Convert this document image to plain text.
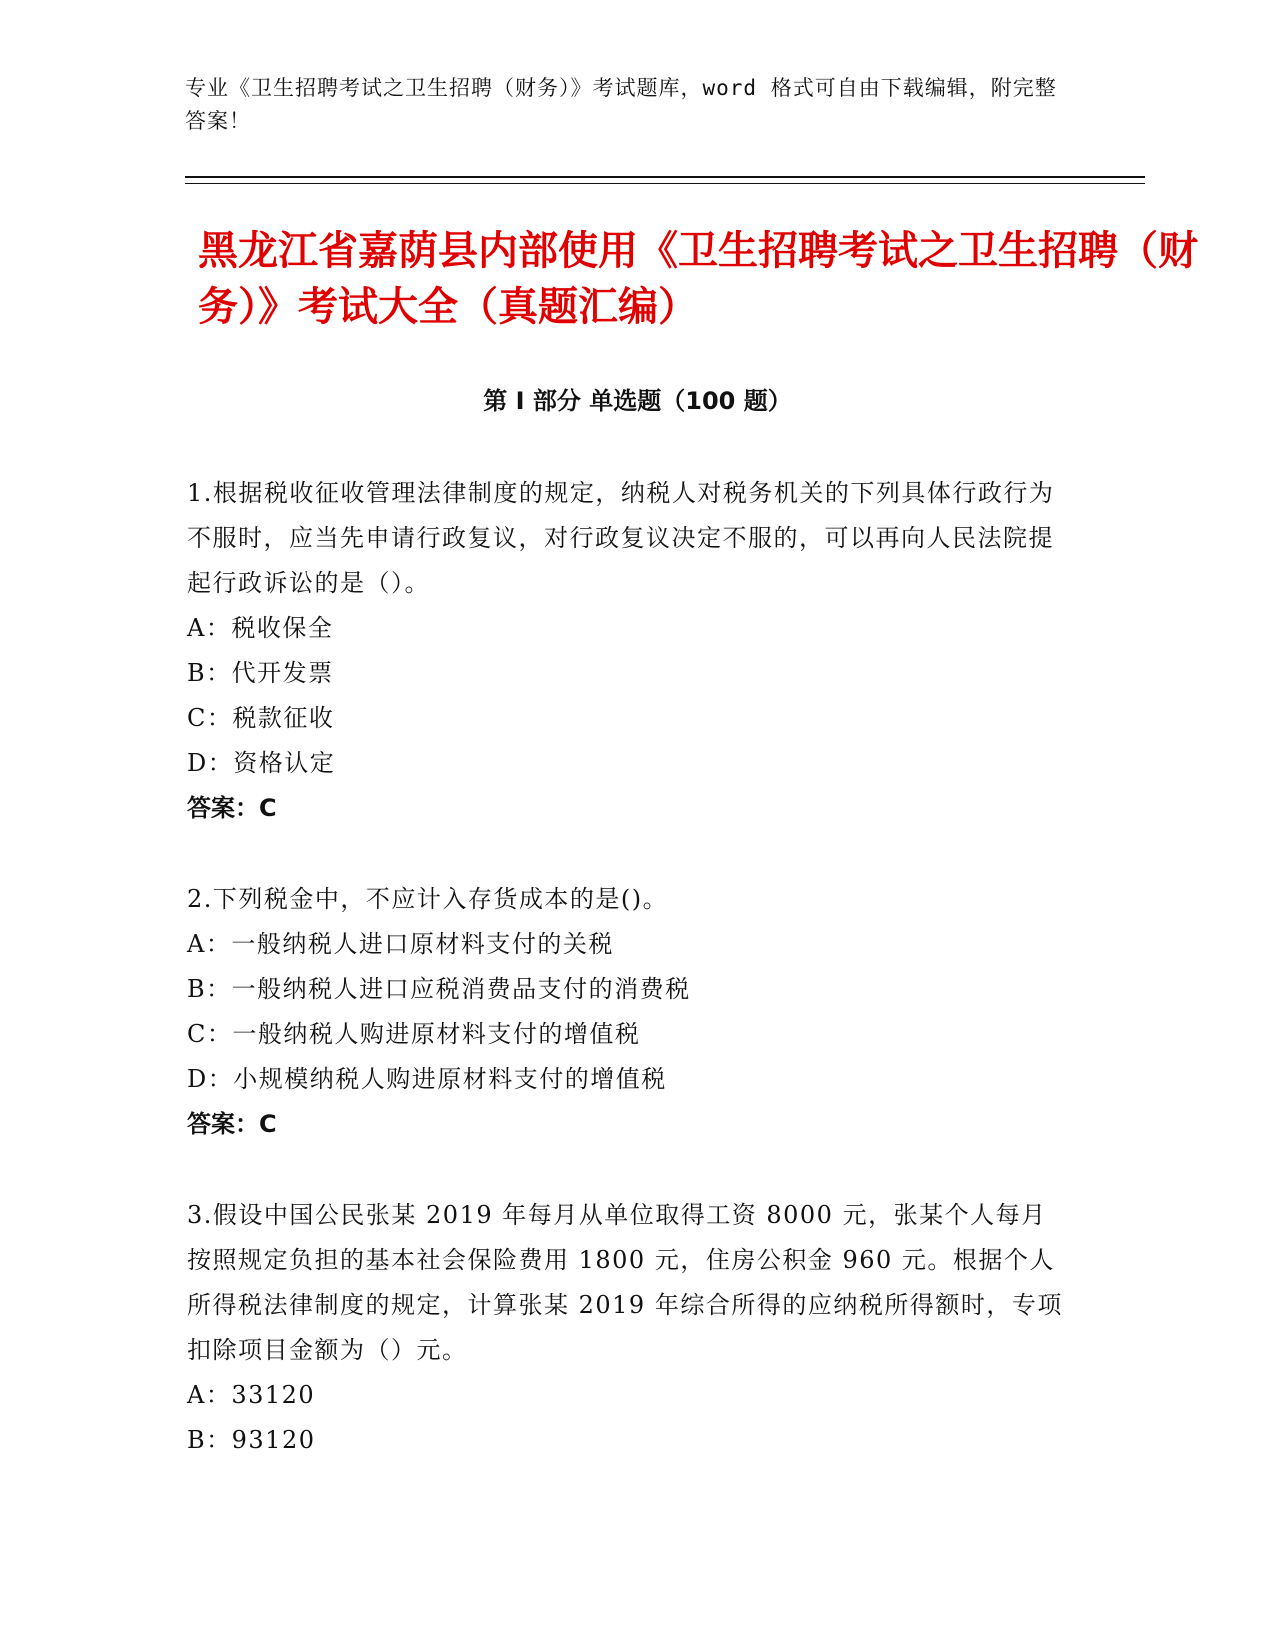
专业《卫生招聘考试之卫生招聘（财务）》考试题库，word 格式可自由下载编辑，附完整答案！
黑龙江省嘉荫县内部使用《卫生招聘考试之卫生招聘（财务）》考试大全（真题汇编）
第 I 部分 单选题（100 题）

1.根据税收征收管理法律制度的规定，纳税人对税务机关的下列具体行政行为不服时，应当先申请行政复议，对行政复议决定不服的，可以再向人民法院提起行政诉讼的是（）。

A：税收保全

B：代开发票

C：税款征收

D：资格认定

答案：C

2.下列税金中，不应计入存货成本的是()。

A：一般纳税人进口原材料支付的关税

B：一般纳税人进口应税消费品支付的消费税

C：一般纳税人购进原材料支付的增值税

D：小规模纳税人购进原材料支付的增值税

答案：C

3.假设中国公民张某 2019 年每月从单位取得工资 8000 元，张某个人每月按照规定负担的基本社会保险费用 1800 元，住房公积金 960 元。根据个人所得税法律制度的规定，计算张某 2019 年综合所得的应纳税所得额时，专项扣除项目金额为（）元。

A：33120

B：93120
